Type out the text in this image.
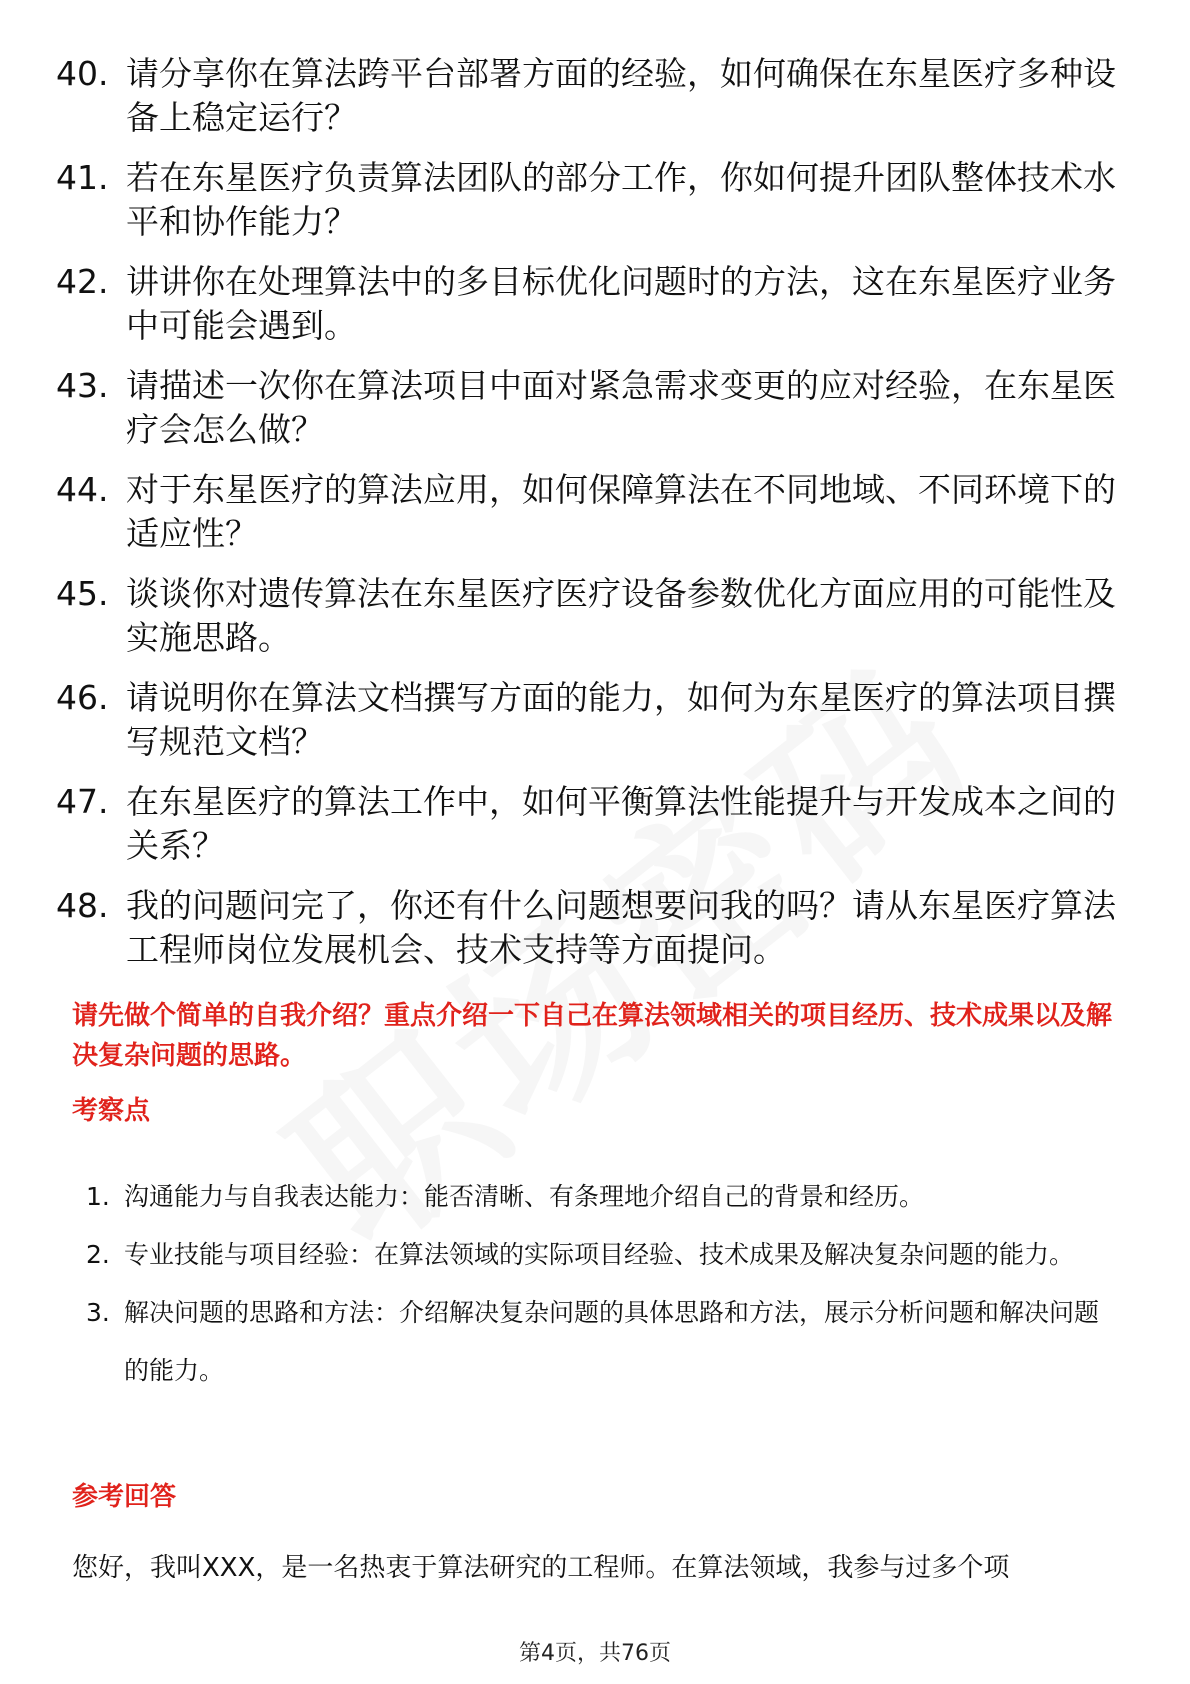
40. 请分享你在算法跨平台部署方面的经验，如何确保在东星医疗多种设备上稳定运行？
41. 若在东星医疗负责算法团队的部分工作，你如何提升团队整体技术水平和协作能力？
42. 讲讲你在处理算法中的多目标优化问题时的方法，这在东星医疗业务中可能会遇到。
43. 请描述一次你在算法项目中面对紧急需求变更的应对经验，在东星医疗会怎么做？
44. 对于东星医疗的算法应用，如何保障算法在不同地域、不同环境下的适应性？
45. 谈谈你对遗传算法在东星医疗医疗设备参数优化方面应用的可能性及实施思路。
46. 请说明你在算法文档撰写方面的能力，如何为东星医疗的算法项目撰写规范文档？
47. 在东星医疗的算法工作中，如何平衡算法性能提升与开发成本之间的关系？
48. 我的问题问完了，你还有什么问题想要问我的吗？请从东星医疗算法工程师岗位发展机会、技术支持等方面提问。
请先做个简单的自我介绍？重点介绍一下自己在算法领域相关的项目经历、技术成果以及解决复杂问题的思路。
考察点
1. 沟通能力与自我表达能力：能否清晰、有条理地介绍自己的背景和经历。
2. 专业技能与项目经验：在算法领域的实际项目经验、技术成果及解决复杂问题的能力。
3. 解决问题的思路和方法：介绍解决复杂问题的具体思路和方法，展示分析问题和解决问题的能力。
参考回答
您好，我叫XXX，是一名热衷于算法研究的工程师。在算法领域，我参与过多个项
第4页，共76页
